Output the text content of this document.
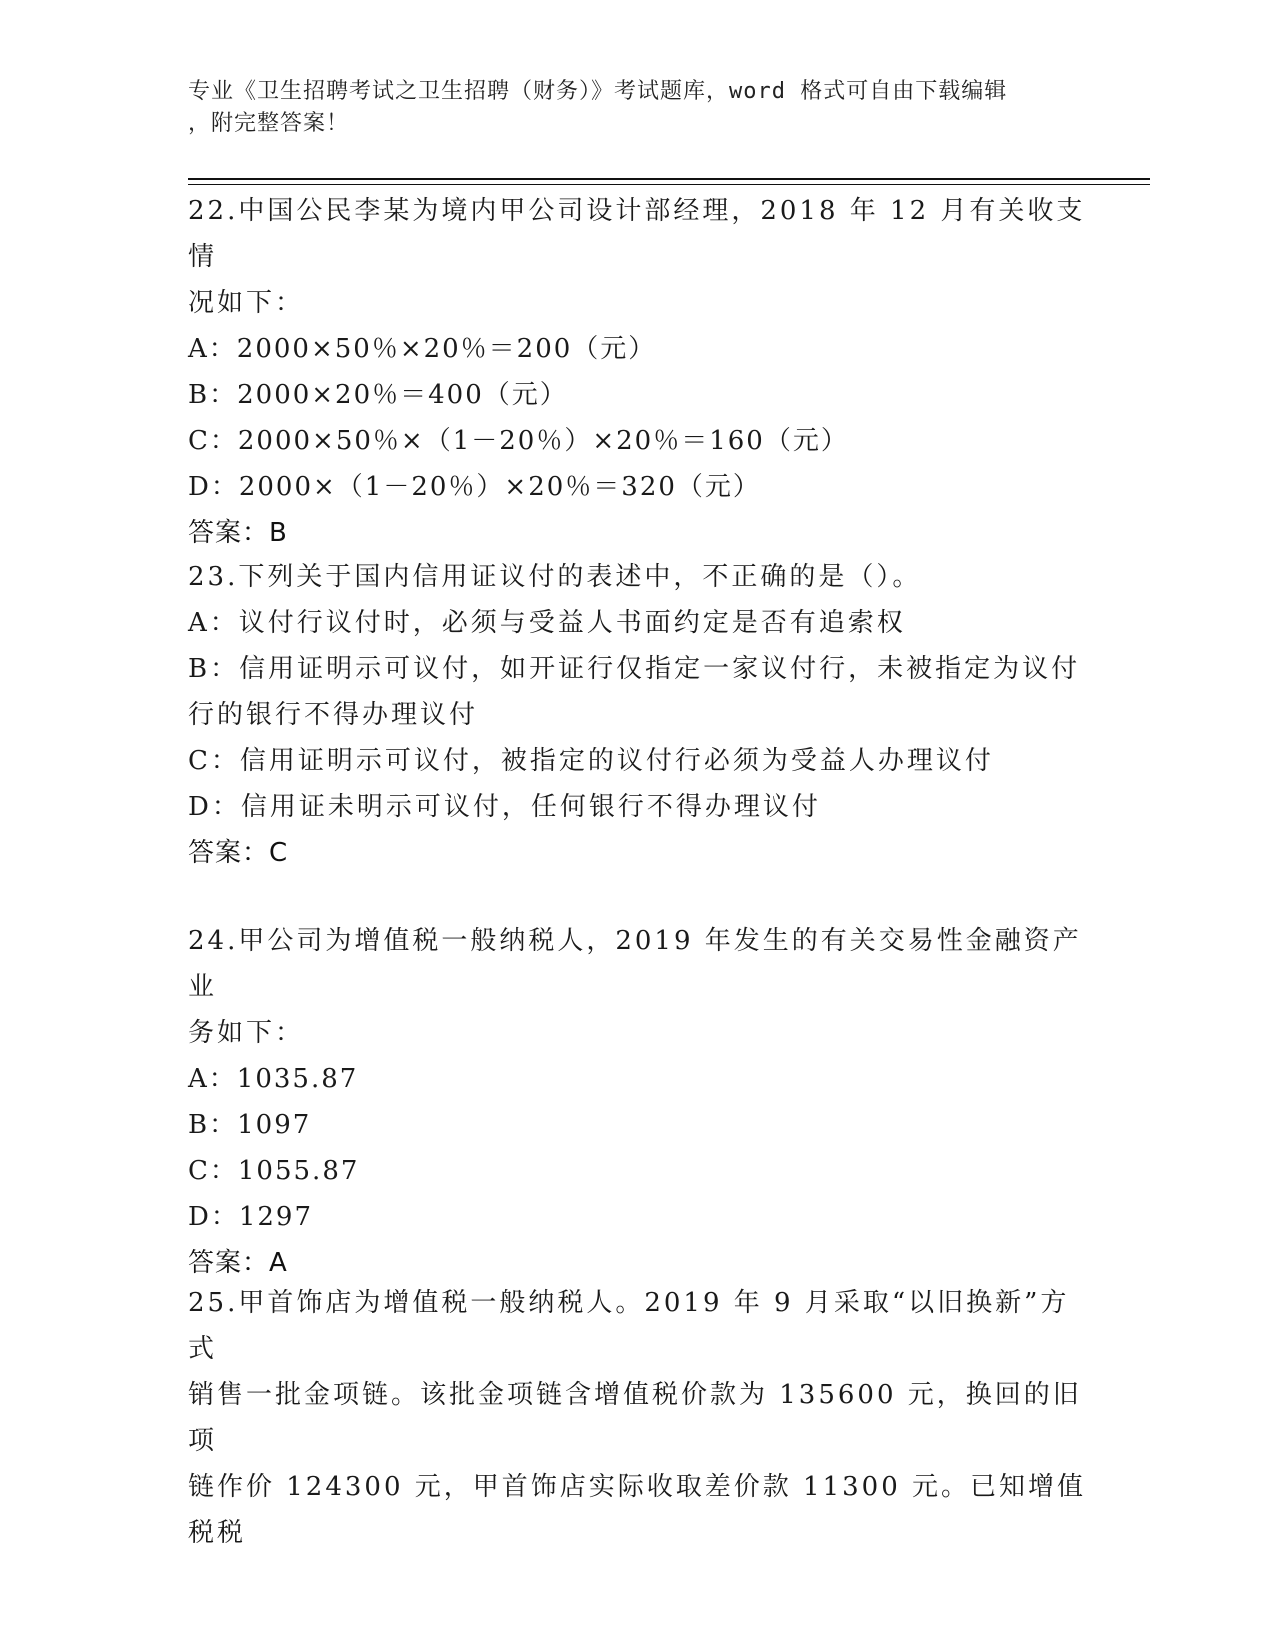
专业《卫生招聘考试之卫生招聘（财务）》考试题库，word 格式可自由下载编辑
，附完整答案！

22.中国公民李某为境内甲公司设计部经理，2018 年 12 月有关收支情

况如下：

A：2000×50％×20％＝200（元）

B：2000×20％＝400（元）

C：2000×50％×（1－20％）×20％＝160（元）

D：2000×（1－20％）×20％＝320（元）

答案：B

23.下列关于国内信用证议付的表述中，不正确的是（）。

A：议付行议付时，必须与受益人书面约定是否有追索权

B：信用证明示可议付，如开证行仅指定一家议付行，未被指定为议付

行的银行不得办理议付

C：信用证明示可议付，被指定的议付行必须为受益人办理议付

D：信用证未明示可议付，任何银行不得办理议付

答案：C

24.甲公司为增值税一般纳税人，2019 年发生的有关交易性金融资产业

务如下：

A：1035.87

B：1097

C：1055.87

D：1297

答案：A

25.甲首饰店为增值税一般纳税人。2019 年 9 月采取“以旧换新”方式

销售一批金项链。该批金项链含增值税价款为 135600 元，换回的旧项

链作价 124300 元，甲首饰店实际收取差价款 11300 元。已知增值税税
